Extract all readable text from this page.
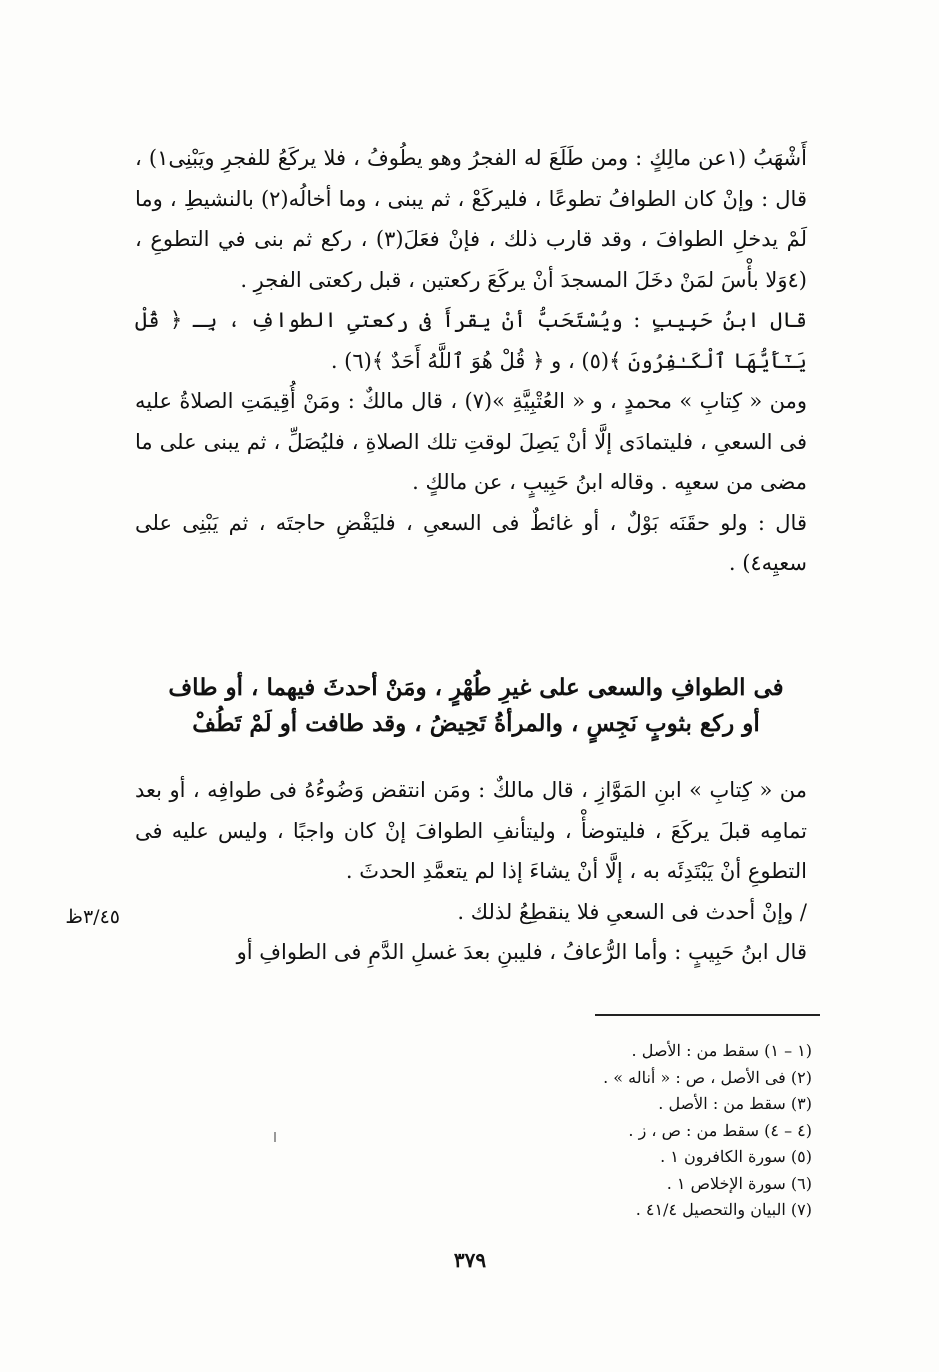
أَشْهَبُ (١عن مالِكٍ : ومن طَلَعَ له الفجرُ وهو يطُوفُ ، فلا يركَعُ للفجرِ ويَبْنِى١) ، قال : وإنْ كان الطوافُ تطوعًا ، فليركَعْ ، ثم يبنى ، وما أخالُه(٢) بالنشيطِ ، وما لَمْ يدخلِ الطوافَ ، وقد قارب ذلك ، فإنْ فعَلَ(٣) ، ركع ثم بنى في التطوعِ ، (٤وَلا بأْسَ لمَنْ دخَلَ المسجدَ أنْ يركَعَ ركعتين ، قبل ركعتى الفجرِ .

قال ابنُ حَبِيبٍ : ويُسْتَحَبُّ أنْ يقرأَ فى ركعتىِ الطوافِ ، بِـ ﴿ قُلْ يَـٰٓأَيُّهَا ٱلْكَـٰفِرُونَ ﴾(٥) ، و ﴿ قُلْ هُوَ ٱللَّهُ أَحَدٌ ﴾(٦) .

ومن « كِتابِ » محمدٍ ، و « العُتْبِيَّةِ »(٧) ، قال مالكٌ : ومَنْ أُقِيمَتِ الصلاةُ عليه فى السعىِ ، فليتمادَى إلَّا أنْ يَصِلَ لوقتِ تلك الصلاةِ ، فليُصَلِّ ، ثم يبنى على ما مضى من سعيِه . وقاله ابنُ حَبِيبٍ ، عن مالكٍ .

قال : ولو حقَنَه بَوْلٌ ، أو غائطٌ فى السعىِ ، فليَقْضِ حاجتَه ، ثم يَبْنِى على سعيِه٤) .

فى الطوافِ والسعى على غيرِ طُهْرٍ ، ومَنْ أحدثَ فيهما ، أو طاف

أو ركع بثوبٍ نَجِسٍ ، والمرأةُ تَحِيضُ ، وقد طافت أو لَمْ تَطُفْ

من « كِتابِ » ابنِ المَوَّازِ ، قال مالكٌ : ومَن انتقض وَضُوءُهُ فى طوافِه ، أو بعد تمامِه قبلَ يركَعَ ، فليتوضأْ ، وليتأنفِ الطوافَ إنْ كان واجبًا ، وليس عليه فى التطوعِ أنْ يَبْتَدِئَه به ، إلَّا أنْ يشاءَ إذا لم يتعمَّدِ الحدثَ .

/ وإنْ أحدث فى السعىِ فلا ينقطِعُ لذلك .

قال ابنُ حَبِيبٍ : وأما الرُّعافُ ، فليبنِ بعدَ غسلِ الدَّمِ فى الطوافِ أو

٣/٤٥ظ

(١ – ١) سقط من : الأصل .

(٢) فى الأصل ، ص : « أناله » .

(٣) سقط من : الأصل .

(٤ – ٤) سقط من : ص ، ز .

(٥) سورة الكافرون ١ .

(٦) سورة الإخلاص ١ .

(٧) البيان والتحصيل ٤١/٤ .

٣٧٩
